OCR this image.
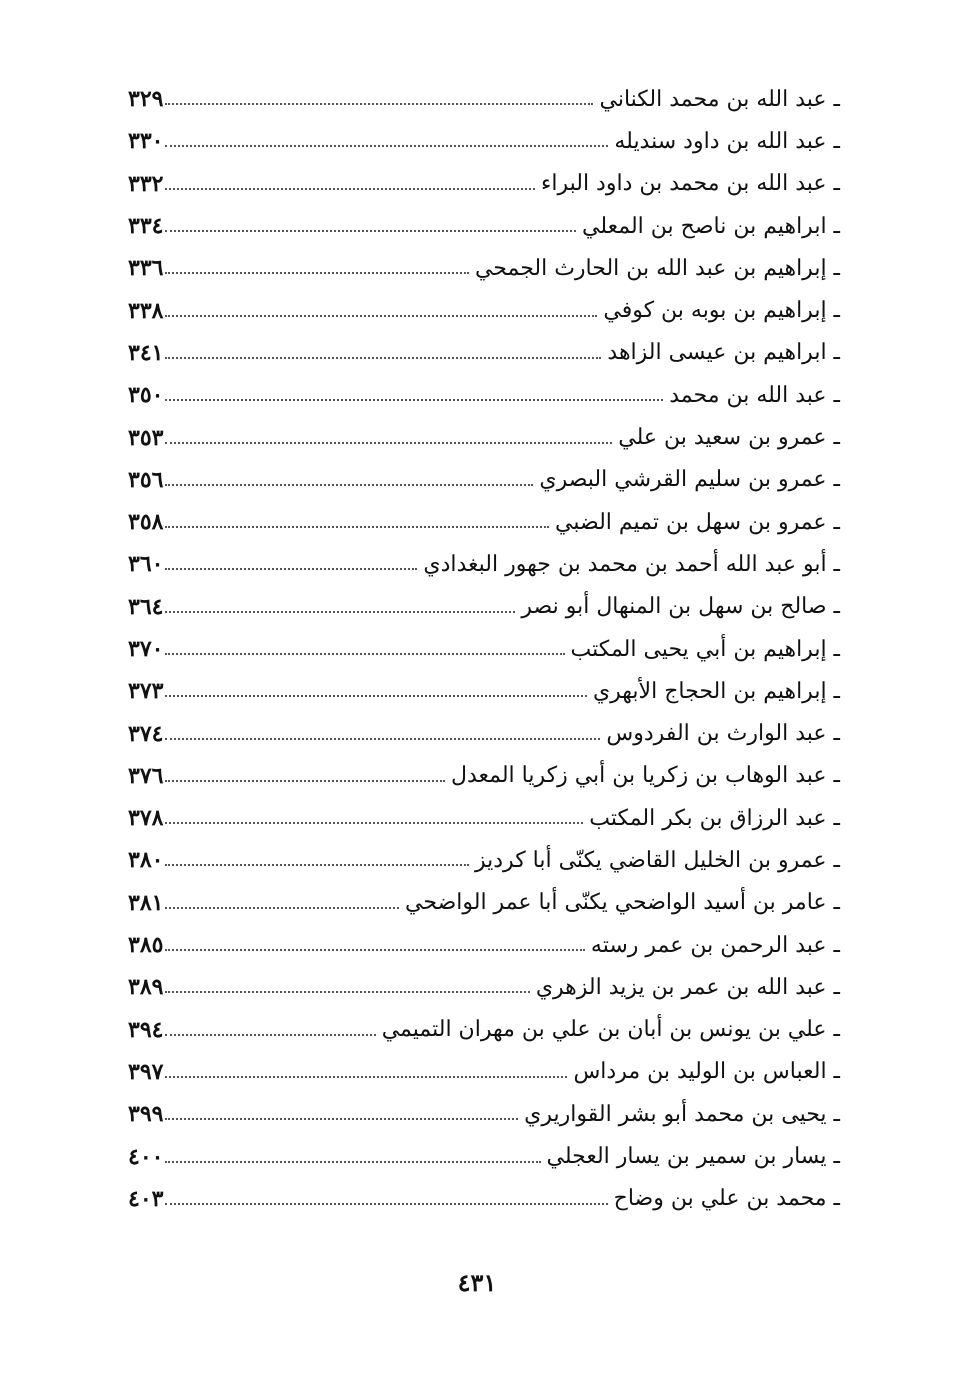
ـ عبد الله بن محمد الكناني
٣٢٩
ـ عبد الله بن داود سنديله
٣٣٠
ـ عبد الله بن محمد بن داود البراء
٣٣٢
ـ ابراهيم بن ناصح بن المعلي
٣٣٤
ـ إبراهيم بن عبد الله بن الحارث الجمحي
٣٣٦
ـ إبراهيم بن بوبه بن كوفي
٣٣٨
ـ ابراهيم بن عيسى الزاهد
٣٤١
ـ عبد الله بن محمد
٣٥٠
ـ عمرو بن سعيد بن علي
٣٥٣
ـ عمرو بن سليم القرشي البصري
٣٥٦
ـ عمرو بن سهل بن تميم الضبي
٣٥٨
ـ أبو عبد الله أحمد بن محمد بن جهور البغدادي
٣٦٠
ـ صالح بن سهل بن المنهال أبو نصر
٣٦٤
ـ إبراهيم بن أبي يحيى المكتب
٣٧٠
ـ إبراهيم بن الحجاج الأبهري
٣٧٣
ـ عبد الوارث بن الفردوس
٣٧٤
ـ عبد الوهاب بن زكريا بن أبي زكريا المعدل
٣٧٦
ـ عبد الرزاق بن بكر المكتب
٣٧٨
ـ عمرو بن الخليل القاضي يكنّى أبا كرديز
٣٨٠
ـ عامر بن أسيد الواضحي يكنّى أبا عمر الواضحي
٣٨١
ـ عبد الرحمن بن عمر رسته
٣٨٥
ـ عبد الله بن عمر بن يزيد الزهري
٣٨٩
ـ علي بن يونس بن أبان بن علي بن مهران التميمي
٣٩٤
ـ العباس بن الوليد بن مرداس
٣٩٧
ـ يحيى بن محمد أبو بشر القواريري
٣٩٩
ـ يسار بن سمير بن يسار العجلي
٤٠٠
ـ محمد بن علي بن وضاح
٤٠٣
٤٣١
